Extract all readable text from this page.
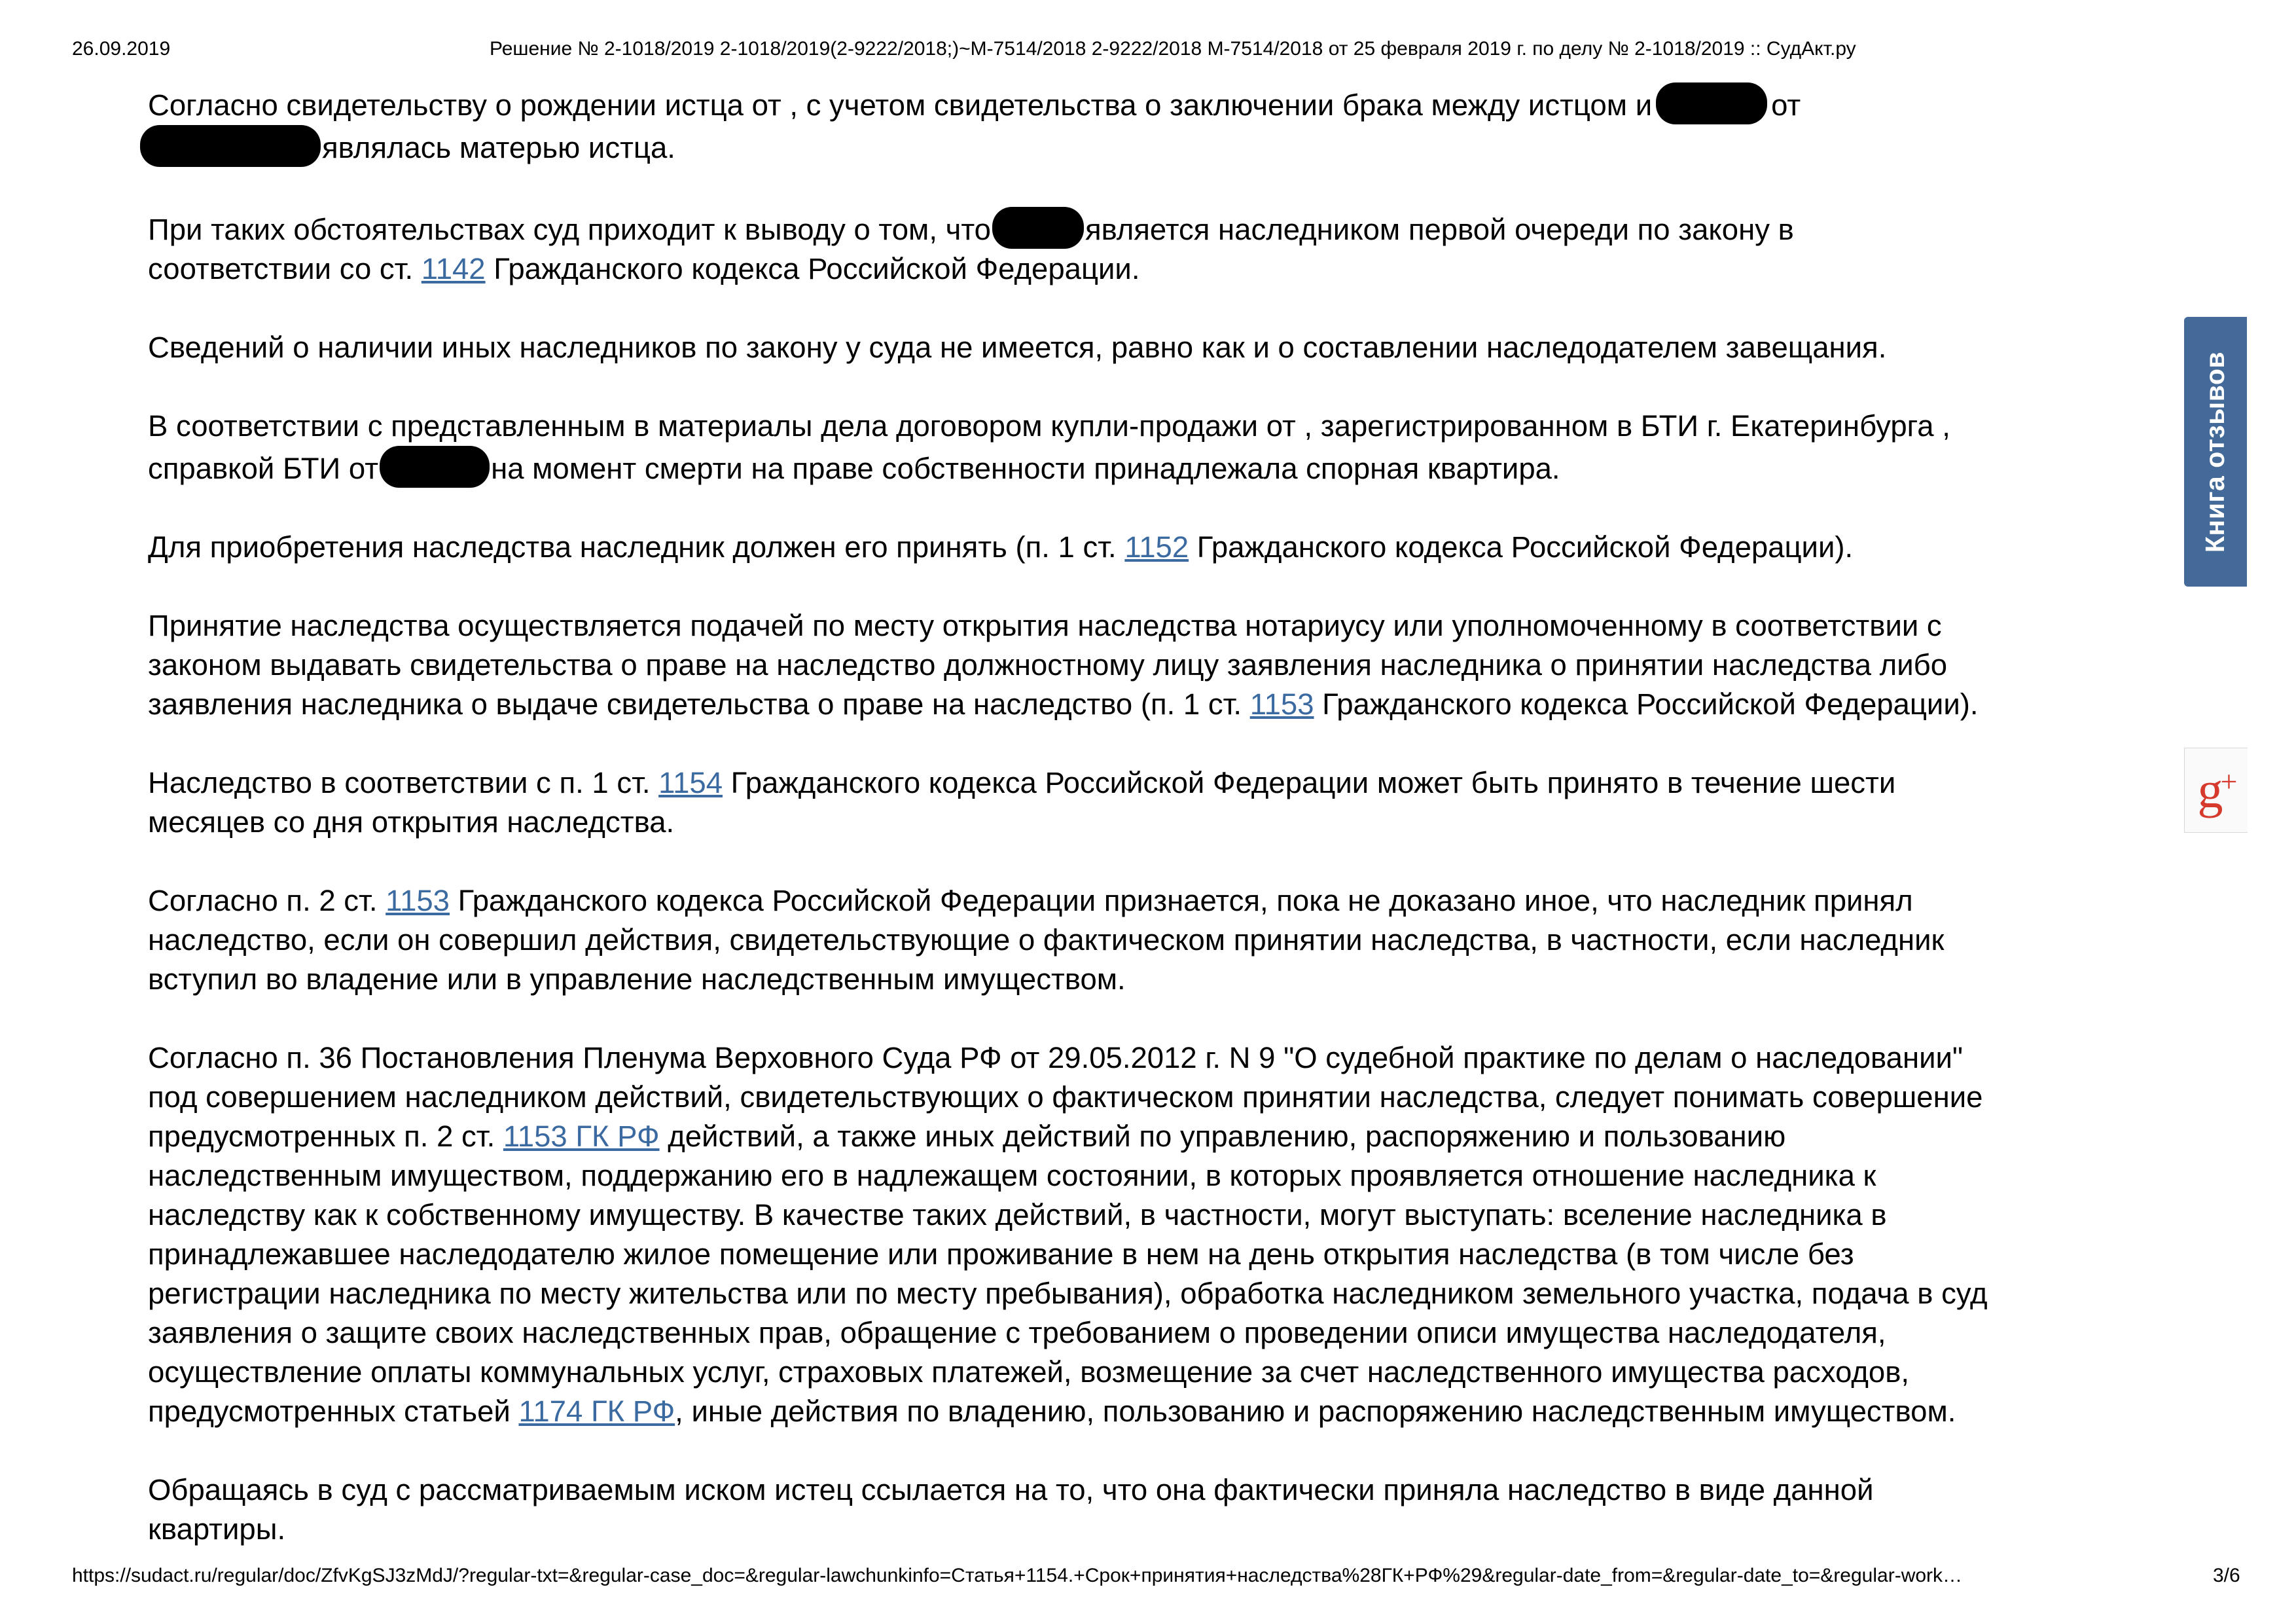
26.09.2019	Решение № 2-1018/2019 2-1018/2019(2-9222/2018;)~М-7514/2018 2-9222/2018 М-7514/2018 от 25 февраля 2019 г. по делу № 2-1018/2019 :: СудАкт.ру

Согласно свидетельству о рождении истца от , с учетом свидетельства о заключении брака между истцом и	от
являлась матерью истца.

При таких обстоятельствах суд приходит к выводу о том, что	является наследником первой очереди по закону в
соответствии со ст. 1142 Гражданского кодекса Российской Федерации.

Сведений о наличии иных наследников по закону у суда не имеется, равно как и о составлении наследодателем завещания.

В соответствии с представленным в материалы дела договором купли-продажи от , зарегистрированном в БТИ г. Екатеринбурга ,
справкой БТИ от	на момент смерти на праве собственности принадлежала спорная квартира.

Для приобретения наследства наследник должен его принять (п. 1 ст. 1152 Гражданского кодекса Российской Федерации).

Принятие наследства осуществляется подачей по месту открытия наследства нотариусу или уполномоченному в соответствии с
законом выдавать свидетельства о праве на наследство должностному лицу заявления наследника о принятии наследства либо
заявления наследника о выдаче свидетельства о праве на наследство (п. 1 ст. 1153 Гражданского кодекса Российской Федерации).

Наследство в соответствии с п. 1 ст. 1154 Гражданского кодекса Российской Федерации может быть принято в течение шести
месяцев со дня открытия наследства.

Согласно п. 2 ст. 1153 Гражданского кодекса Российской Федерации признается, пока не доказано иное, что наследник принял
наследство, если он совершил действия, свидетельствующие о фактическом принятии наследства, в частности, если наследник
вступил во владение или в управление наследственным имуществом.

Согласно п. 36 Постановления Пленума Верховного Суда РФ от 29.05.2012 г. N 9 "О судебной практике по делам о наследовании"
под совершением наследником действий, свидетельствующих о фактическом принятии наследства, следует понимать совершение
предусмотренных п. 2 ст. 1153 ГК РФ действий, а также иных действий по управлению, распоряжению и пользованию
наследственным имуществом, поддержанию его в надлежащем состоянии, в которых проявляется отношение наследника к
наследству как к собственному имуществу. В качестве таких действий, в частности, могут выступать: вселение наследника в
принадлежавшее наследодателю жилое помещение или проживание в нем на день открытия наследства (в том числе без
регистрации наследника по месту жительства или по месту пребывания), обработка наследником земельного участка, подача в суд
заявления о защите своих наследственных прав, обращение с требованием о проведении описи имущества наследодателя,
осуществление оплаты коммунальных услуг, страховых платежей, возмещение за счет наследственного имущества расходов,
предусмотренных статьей 1174 ГК РФ, иные действия по владению, пользованию и распоряжению наследственным имуществом.

Обращаясь в суд с рассматриваемым иском истец ссылается на то, что она фактически приняла наследство в виде данной
квартиры.

Книга отзывов
g+
https://sudact.ru/regular/doc/ZfvKgSJ3zMdJ/?regular-txt=&regular-case_doc=&regular-lawchunkinfo=Статья+1154.+Срок+принятия+наследства%28ГК+РФ%29&regular-date_from=&regular-date_to=&regular-work…	3/6
